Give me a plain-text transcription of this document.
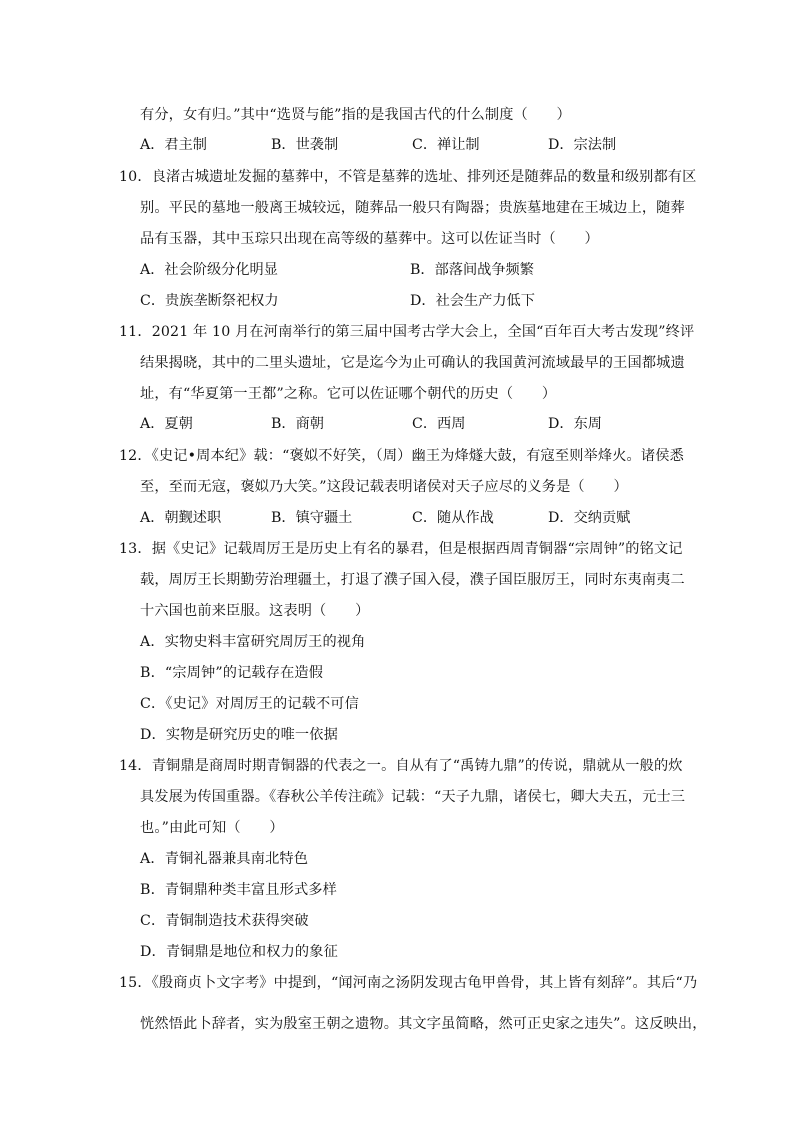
有分，女有归。”其中“选贤与能”指的是我国古代的什么制度（　　）
A．君主制	B．世袭制	C．禅让制	D．宗法制
10．良渚古城遗址发掘的墓葬中，不管是墓葬的选址、排列还是随葬品的数量和级别都有区
别。平民的墓地一般离王城较远，随葬品一般只有陶器；贵族墓地建在王城边上，随葬
品有玉器，其中玉琮只出现在高等级的墓葬中。这可以佐证当时（　　）
A．社会阶级分化明显	B．部落间战争频繁
C．贵族垄断祭祀权力	D．社会生产力低下
11．2021 年 10 月在河南举行的第三届中国考古学大会上，全国“百年百大考古发现”终评
结果揭晓，其中的二里头遗址，它是迄今为止可确认的我国黄河流域最早的王国都城遗
址，有“华夏第一王都”之称。它可以佐证哪个朝代的历史（　　）
A．夏朝	B．商朝	C．西周	D．东周
12．《史记•周本纪》载：“褒姒不好笑，（周）幽王为烽燧大鼓，有寇至则举烽火。诸侯悉
至，至而无寇，褒姒乃大笑。”这段记载表明诸侯对天子应尽的义务是（　　）
A．朝觐述职	B．镇守疆土	C．随从作战	D．交纳贡赋
13．据《史记》记载周厉王是历史上有名的暴君，但是根据西周青铜器“宗周钟”的铭文记
载，周厉王长期勤劳治理疆土，打退了濮子国入侵，濮子国臣服厉王，同时东夷南夷二
十六国也前来臣服。这表明（　　）
A．实物史料丰富研究周厉王的视角
B．“宗周钟”的记载存在造假
C．《史记》对周厉王的记载不可信
D．实物是研究历史的唯一依据
14．青铜鼎是商周时期青铜器的代表之一。自从有了“禹铸九鼎”的传说，鼎就从一般的炊
具发展为传国重器。《春秋公羊传注疏》记载：“天子九鼎，诸侯七，卿大夫五，元士三
也。”由此可知（　　）
A．青铜礼器兼具南北特色
B．青铜鼎种类丰富且形式多样
C．青铜制造技术获得突破
D．青铜鼎是地位和权力的象征
15．《殷商贞卜文字考》中提到，“闻河南之汤阴发现古龟甲兽骨，其上皆有刻辞”。其后“乃
恍然悟此卜辞者，实为殷室王朝之遗物。其文字虽简略，然可正史家之违失”。这反映出，
